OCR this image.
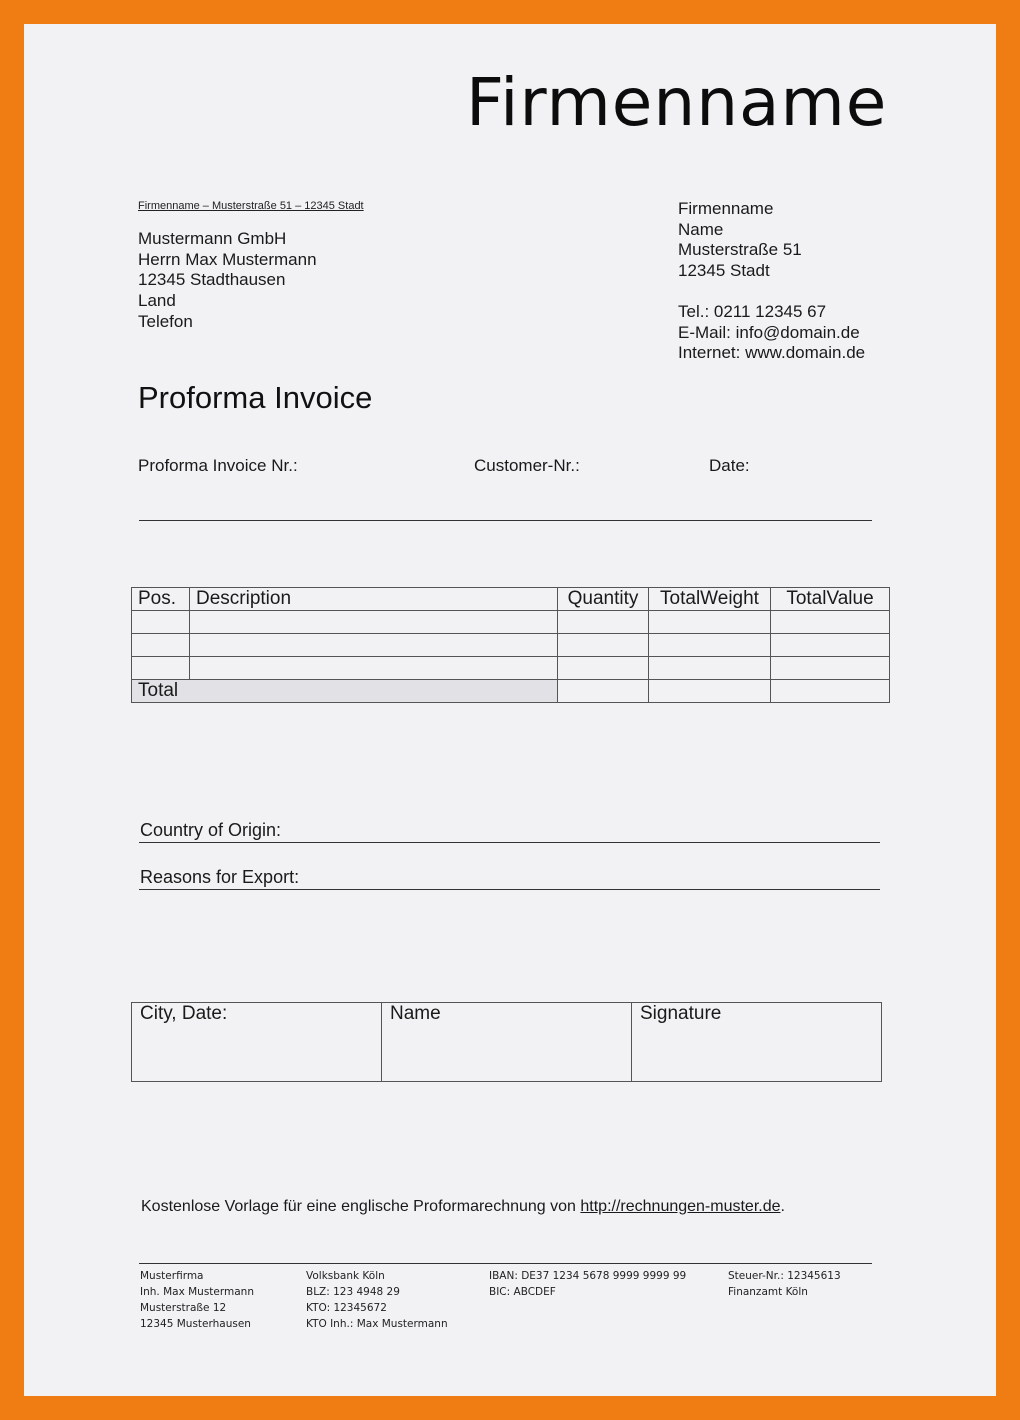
Firmenname
Firmenname – Musterstraße 51 – 12345 Stadt
Mustermann GmbH
Herrn Max Mustermann
12345 Stadthausen
Land
Telefon
Firmenname
Name
Musterstraße 51
12345 Stadt
Tel.: 0211 12345 67
E-Mail: info@domain.de
Internet: www.domain.de
Proforma Invoice
Proforma Invoice Nr.:	Customer-Nr.:	Date:
Pos.	Description	Quantity	TotalWeight	TotalValue

Total				
Country of Origin:
Reasons for Export:
City, Date:	Name	Signature
Kostenlose Vorlage für eine englische Proformarechnung von http://rechnungen-muster.de.
Musterfirma
Inh. Max Mustermann
Musterstraße 12
12345 Musterhausen
Volksbank Köln
BLZ: 123 4948 29
KTO: 12345672
KTO Inh.: Max Mustermann
IBAN: DE37 1234 5678 9999 9999 99
BIC: ABCDEF
Steuer-Nr.: 12345613
Finanzamt Köln
